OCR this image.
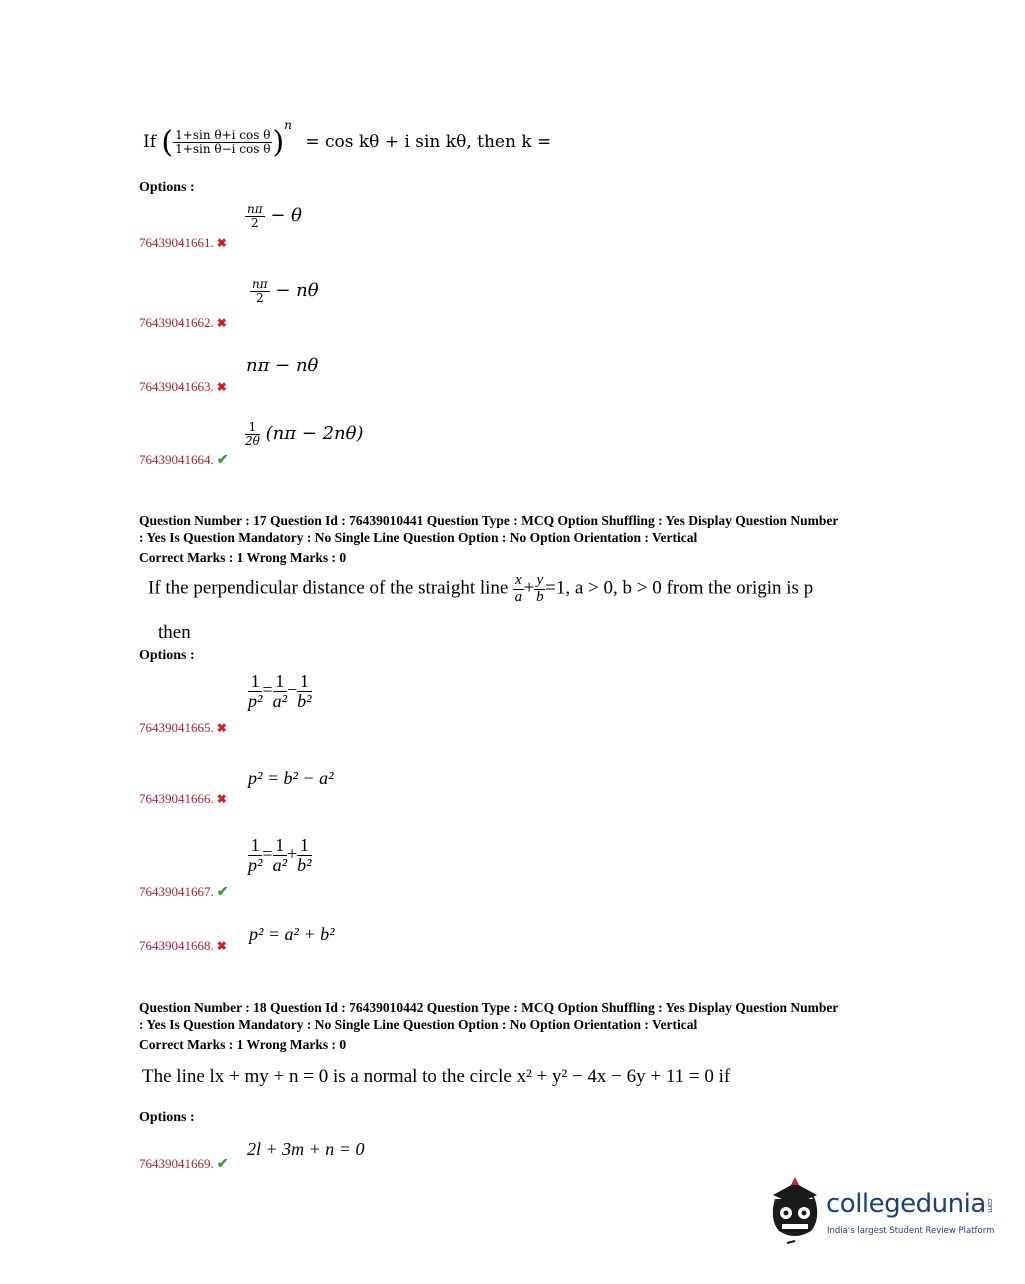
If ( $\frac{\text{1+sin θ+i cos θ}}{\text{1+sin θ−i cos θ}} )^n = \cos k\theta + i$ sin kθ, then k =
Options :
$\frac{n\pi}{2} - \theta$
76439041661. ✖
$\frac{n\pi}{2} - n\theta$
76439041662. ✖
nπ − nθ
76439041663. ✖
$\frac{1}{2\theta} (n\pi - 2n\theta)$
76439041664. ✔
Question Number : 17 Question Id : 76439010441 Question Type : MCQ Option Shuffling : Yes Display Question Number
: Yes Is Question Mandatory : No Single Line Question Option : No Option Orientation : Vertical
Correct Marks : 1 Wrong Marks : 0
If the perpendicular distance of the straight line $\frac{x}{a} + \frac{y}{b} =1$, a > 0, b > 0 from the origin is p
then
Options :
$\frac{1}{\text{p²}} = \frac{1}{\text{a²}} - \frac{1}{\text{b²}}$
76439041665. ✖
p² = b² − a²
76439041666. ✖
$\frac{1}{\text{p²}} = \frac{1}{\text{a²}} + \frac{1}{\text{b²}}$
76439041667. ✔
76439041668. ✖
p² = a² + b²
Question Number : 18 Question Id : 76439010442 Question Type : MCQ Option Shuffling : Yes Display Question Number
: Yes Is Question Mandatory : No Single Line Question Option : No Option Orientation : Vertical
Correct Marks : 1 Wrong Marks : 0
The line lx + my + n = 0 is a normal to the circle x² + y² − 4x − 6y + 11 = 0 if
Options :
2l + 3m + n = 0
76439041669. ✔
collegedunia.com
India's largest Student Review Platform
